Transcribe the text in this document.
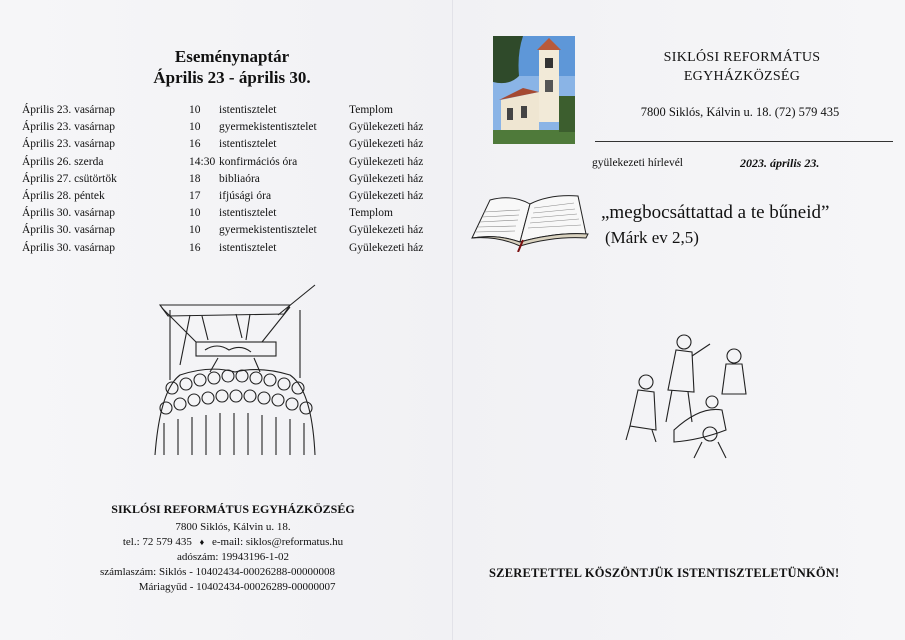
Eseménynaptár
Április 23 - április 30.
Április 23. vasárnap	10 istentisztelet	Templom
Április 23. vasárnap	10 gyermekistentisztelet	Gyülekezeti ház
Április 23. vasárnap	16 istentisztelet	Gyülekezeti ház
Április 26. szerda	14:30 konfirmációs óra	Gyülekezeti ház
Április 27. csütörtök	18 bibliaóra	Gyülekezeti ház
Április 28. péntek	17 ifjúsági óra	Gyülekezeti ház
Április 30. vasárnap	10 istentisztelet	Templom
Április 30. vasárnap	10 gyermekistentisztelet	Gyülekezeti ház
Április 30. vasárnap	16 istentisztelet	Gyülekezeti ház
SIKLÓSI REFORMÁTUS EGYHÁZKÖZSÉG
7800 Siklós, Kálvin u. 18.
tel.: 72 579 435 ♦ e-mail: siklos@reformatus.hu
adószám: 19943196-1-02
számlaszám: Siklós - 10402434-00026288-00000008
Máriagyűd - 10402434-00026289-00000007
SIKLÓSI REFORMÁTUS
EGYHÁZKÖZSÉG
7800 Siklós, Kálvin u. 18. (72) 579 435
gyülekezeti hírlevél	2023. április 23.
„megbocsáttattad a te bűneid”
(Márk ev 2,5)
SZERETETTEL KÖSZÖNTJÜK ISTENTISZTELETÜNKÖN!
